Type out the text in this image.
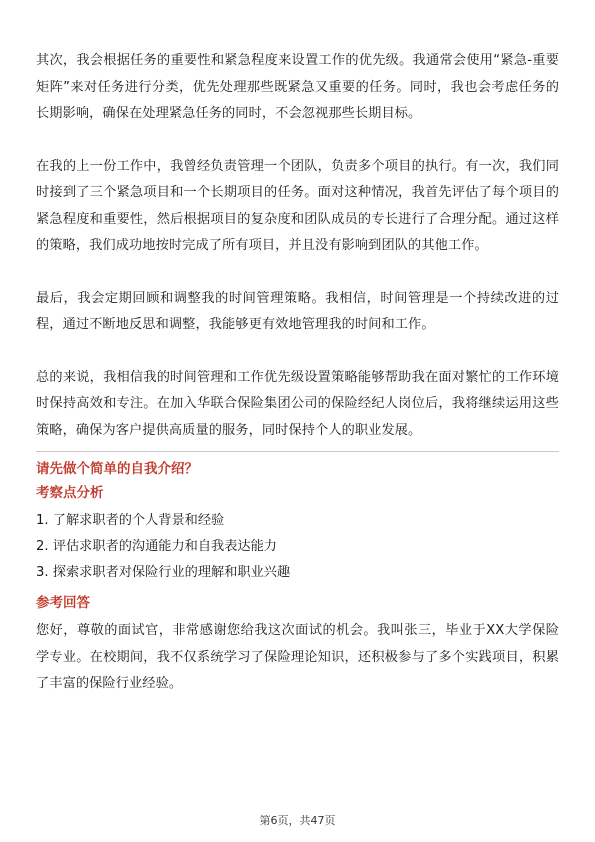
其次，我会根据任务的重要性和紧急程度来设置工作的优先级。我通常会使用“紧急-重要矩阵”来对任务进行分类，优先处理那些既紧急又重要的任务。同时，我也会考虑任务的长期影响，确保在处理紧急任务的同时，不会忽视那些长期目标。

在我的上一份工作中，我曾经负责管理一个团队，负责多个项目的执行。有一次，我们同时接到了三个紧急项目和一个长期项目的任务。面对这种情况，我首先评估了每个项目的紧急程度和重要性，然后根据项目的复杂度和团队成员的专长进行了合理分配。通过这样的策略，我们成功地按时完成了所有项目，并且没有影响到团队的其他工作。

最后，我会定期回顾和调整我的时间管理策略。我相信，时间管理是一个持续改进的过程，通过不断地反思和调整，我能够更有效地管理我的时间和工作。

总的来说，我相信我的时间管理和工作优先级设置策略能够帮助我在面对繁忙的工作环境时保持高效和专注。在加入华联合保险集团公司的保险经纪人岗位后，我将继续运用这些策略，确保为客户提供高质量的服务，同时保持个人的职业发展。

请先做个简单的自我介绍？

考察点分析

1. 了解求职者的个人背景和经验

2. 评估求职者的沟通能力和自我表达能力

3. 探索求职者对保险行业的理解和职业兴趣

参考回答

您好，尊敬的面试官，非常感谢您给我这次面试的机会。我叫张三，毕业于XX大学保险学专业。在校期间，我不仅系统学习了保险理论知识，还积极参与了多个实践项目，积累了丰富的保险行业经验。

第6页，共47页
